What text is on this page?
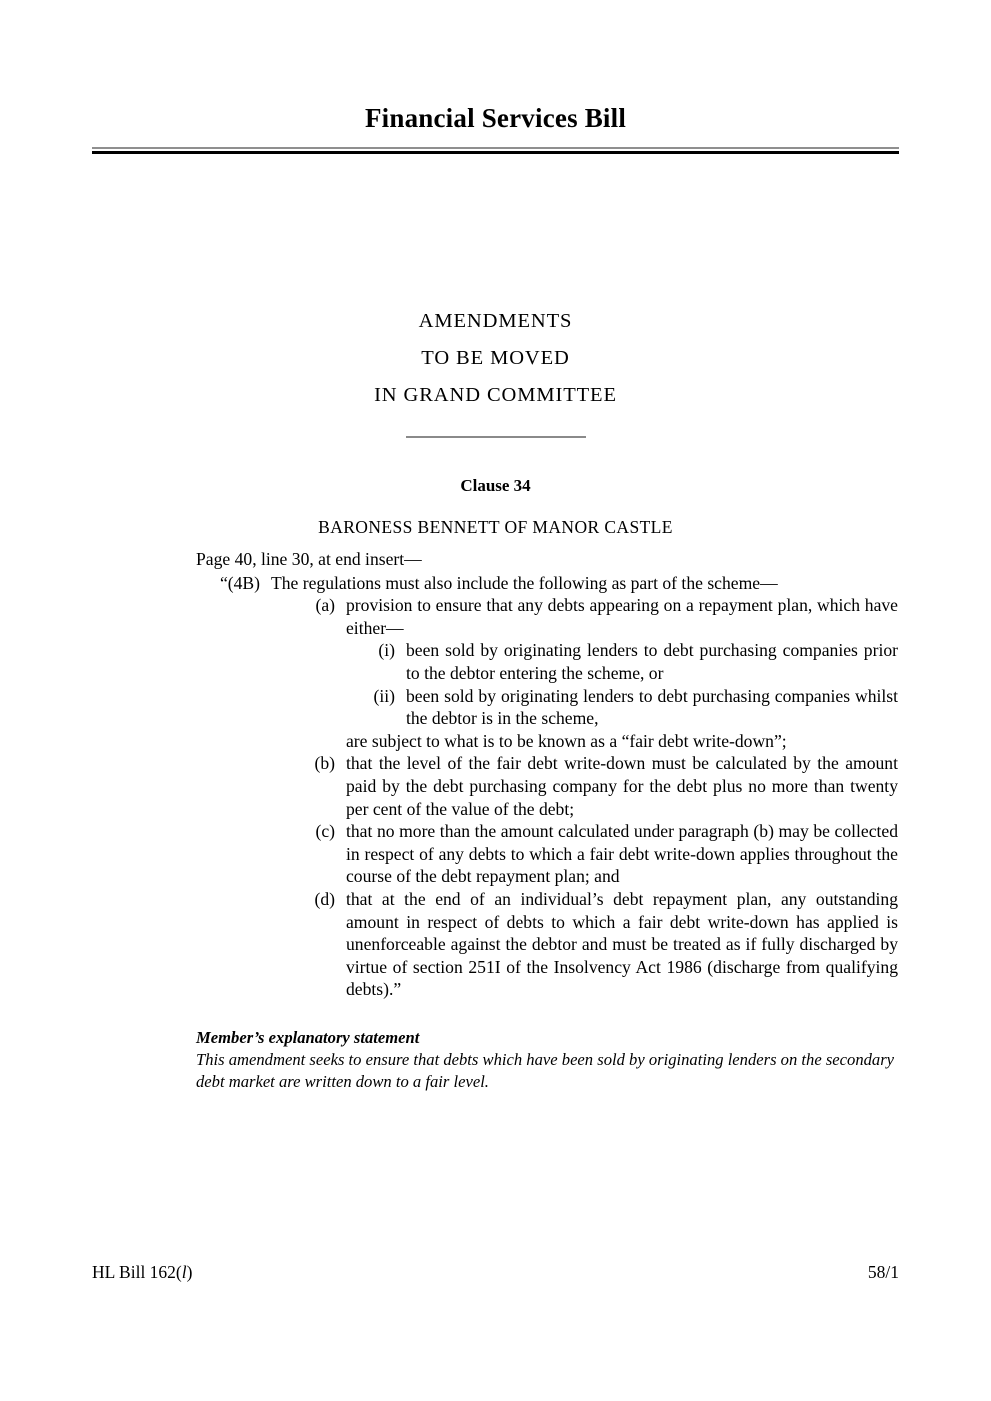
Financial Services Bill
AMENDMENTS
TO BE MOVED
IN GRAND COMMITTEE
Clause 34
BARONESS BENNETT OF MANOR CASTLE
Page 40, line 30, at end insert—
“(4B) The regulations must also include the following as part of the scheme—
(a) provision to ensure that any debts appearing on a repayment plan, which have either—
(i) been sold by originating lenders to debt purchasing companies prior to the debtor entering the scheme, or
(ii) been sold by originating lenders to debt purchasing companies whilst the debtor is in the scheme,
are subject to what is to be known as a “fair debt write-down”;
(b) that the level of the fair debt write-down must be calculated by the amount paid by the debt purchasing company for the debt plus no more than twenty per cent of the value of the debt;
(c) that no more than the amount calculated under paragraph (b) may be collected in respect of any debts to which a fair debt write-down applies throughout the course of the debt repayment plan; and
(d) that at the end of an individual’s debt repayment plan, any outstanding amount in respect of debts to which a fair debt write-down has applied is unenforceable against the debtor and must be treated as if fully discharged by virtue of section 251I of the Insolvency Act 1986 (discharge from qualifying debts).”
Member’s explanatory statement
This amendment seeks to ensure that debts which have been sold by originating lenders on the secondary debt market are written down to a fair level.
HL Bill 162(l)	58/1
